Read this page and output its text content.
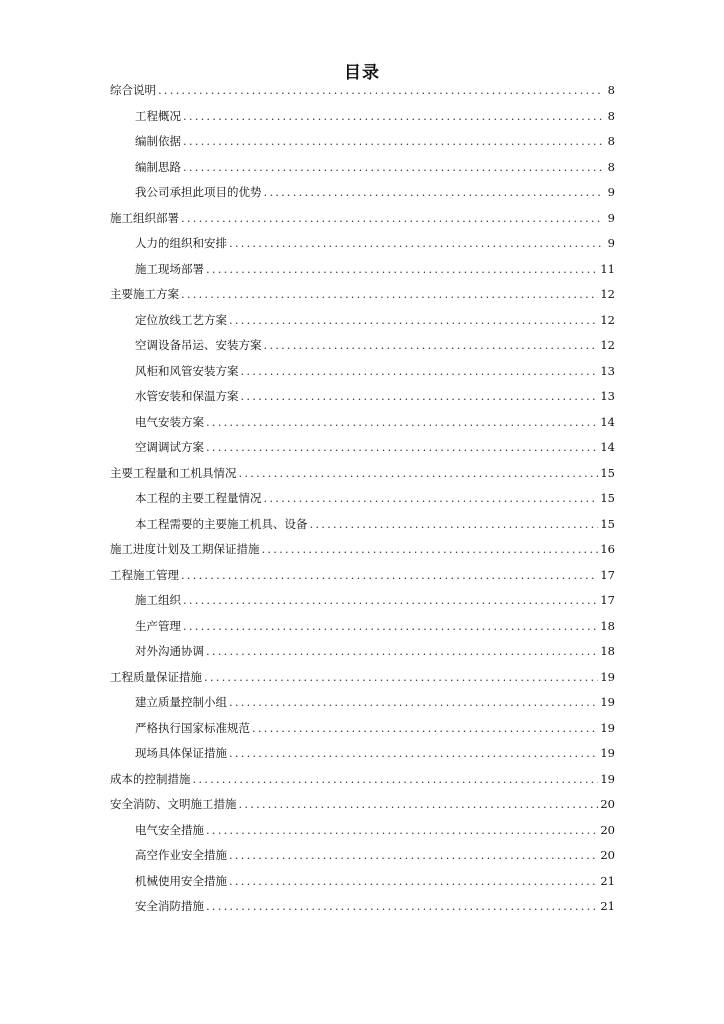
目录
综合说明 .....	8
工程概况 .....	8
编制依据 .....	8
编制思路 .....	8
我公司承担此项目的优势 .....	9
施工组织部署 .....	9
人力的组织和安排 .....	9
施工现场部署 .....	11
主要施工方案 .....	12
定位放线工艺方案 .....	12
空调设备吊运、安装方案 .....	12
风柜和风管安装方案 .....	13
水管安装和保温方案 .....	13
电气安装方案 .....	14
空调调试方案 .....	14
主要工程量和工机具情况 .....	15
本工程的主要工程量情况 .....	15
本工程需要的主要施工机具、设备 .....	15
施工进度计划及工期保证措施 .....	16
工程施工管理 .....	17
施工组织 .....	17
生产管理 .....	18
对外沟通协调 .....	18
工程质量保证措施 .....	19
建立质量控制小组 .....	19
严格执行国家标准规范 .....	19
现场具体保证措施 .....	19
成本的控制措施 .....	19
安全消防、文明施工措施 .....	20
电气安全措施 .....	20
高空作业安全措施 .....	20
机械使用安全措施 .....	21
安全消防措施 .....	21
